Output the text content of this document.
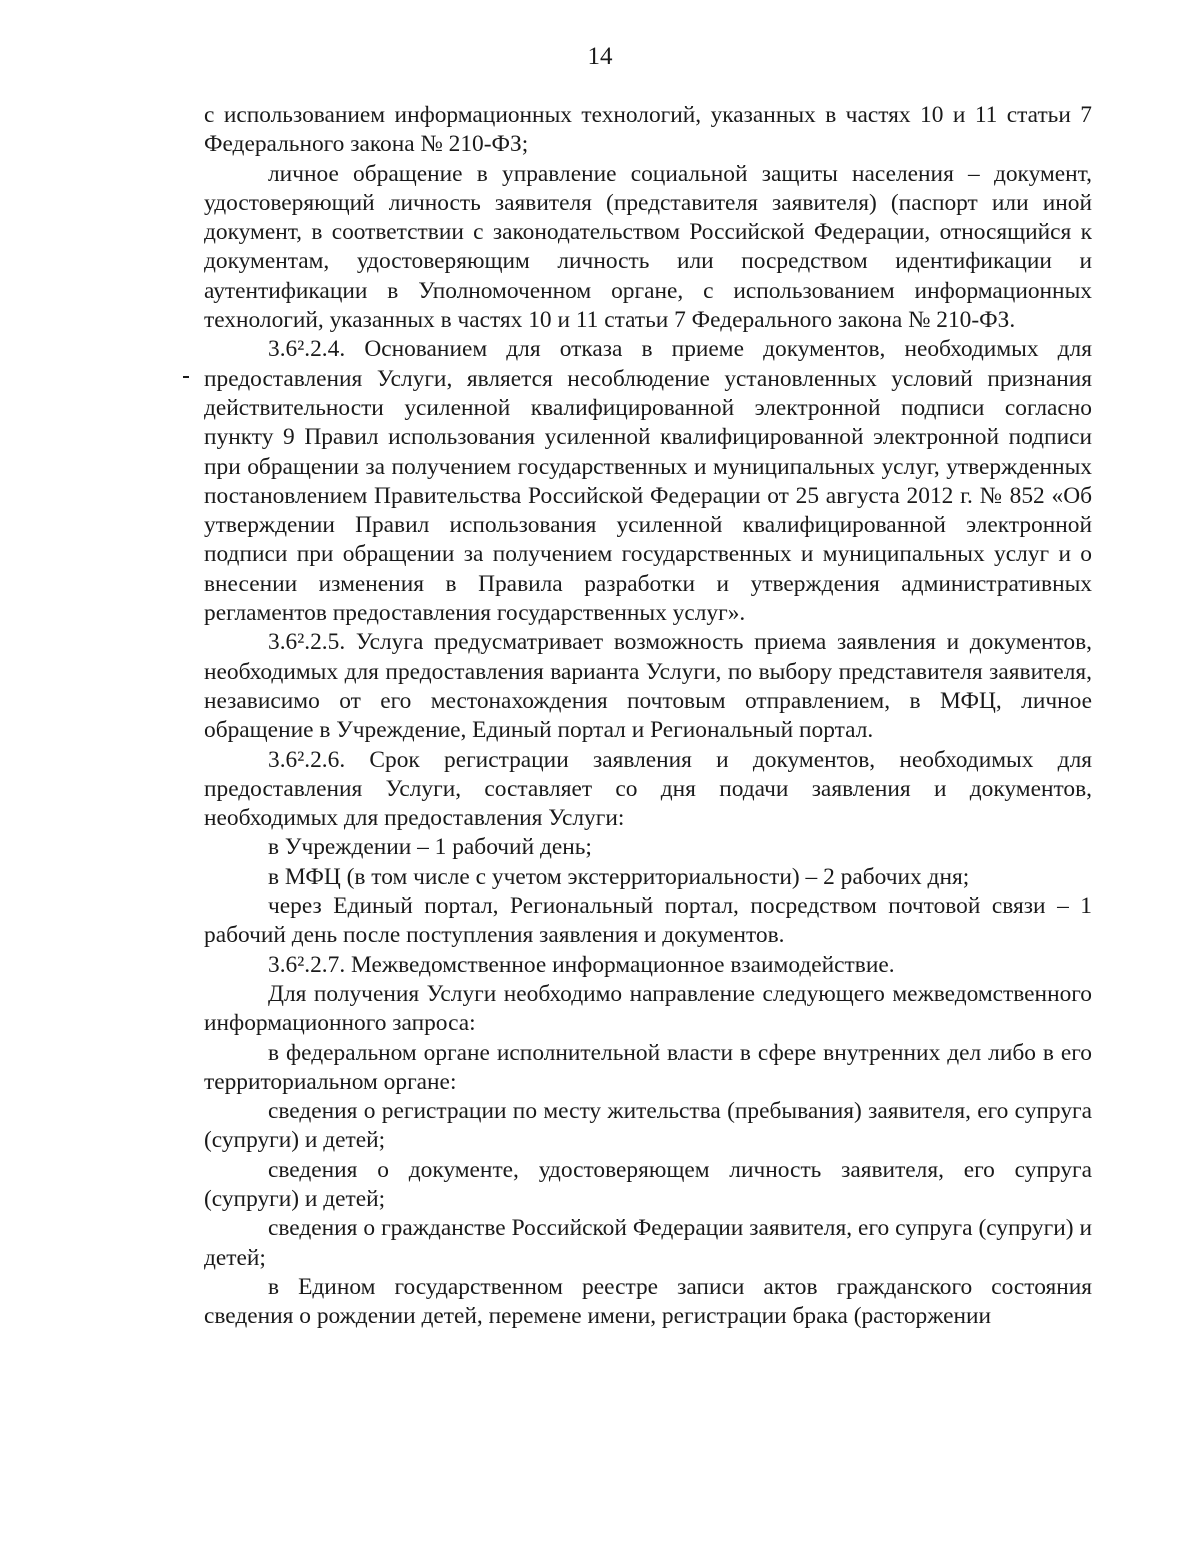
14

с использованием информационных технологий, указанных в частях 10 и 11 статьи 7 Федерального закона № 210-ФЗ;

личное обращение в управление социальной защиты населения – документ, удостоверяющий личность заявителя (представителя заявителя) (паспорт или иной документ, в соответствии с законодательством Российской Федерации, относящийся к документам, удостоверяющим личность или посредством идентификации и аутентификации в Уполномоченном органе, с использованием информационных технологий, указанных в частях 10 и 11 статьи 7 Федерального закона № 210-ФЗ.

3.6².2.4. Основанием для отказа в приеме документов, необходимых для предоставления Услуги, является несоблюдение установленных условий признания действительности усиленной квалифицированной электронной подписи согласно пункту 9 Правил использования усиленной квалифицированной электронной подписи при обращении за получением государственных и муниципальных услуг, утвержденных постановлением Правительства Российской Федерации от 25 августа 2012 г. № 852 «Об утверждении Правил использования усиленной квалифицированной электронной подписи при обращении за получением государственных и муниципальных услуг и о внесении изменения в Правила разработки и утверждения административных регламентов предоставления государственных услуг».

3.6².2.5. Услуга предусматривает возможность приема заявления и документов, необходимых для предоставления варианта Услуги, по выбору представителя заявителя, независимо от его местонахождения почтовым отправлением, в МФЦ, личное обращение в Учреждение, Единый портал и Региональный портал.

3.6².2.6. Срок регистрации заявления и документов, необходимых для предоставления Услуги, составляет со дня подачи заявления и документов, необходимых для предоставления Услуги:

в Учреждении – 1 рабочий день;

в МФЦ (в том числе с учетом экстерриториальности) – 2 рабочих дня;

через Единый портал, Региональный портал, посредством почтовой связи – 1 рабочий день после поступления заявления и документов.

3.6².2.7. Межведомственное информационное взаимодействие.

Для получения Услуги необходимо направление следующего межведомственного информационного запроса:

в федеральном органе исполнительной власти в сфере внутренних дел либо в его территориальном органе:

сведения о регистрации по месту жительства (пребывания) заявителя, его супруга (супруги) и детей;

сведения о документе, удостоверяющем личность заявителя, его супруга (супруги) и детей;

сведения о гражданстве Российской Федерации заявителя, его супруга (супруги) и детей;

в Едином государственном реестре записи актов гражданского состояния сведения о рождении детей, перемене имени, регистрации брака (расторжении
